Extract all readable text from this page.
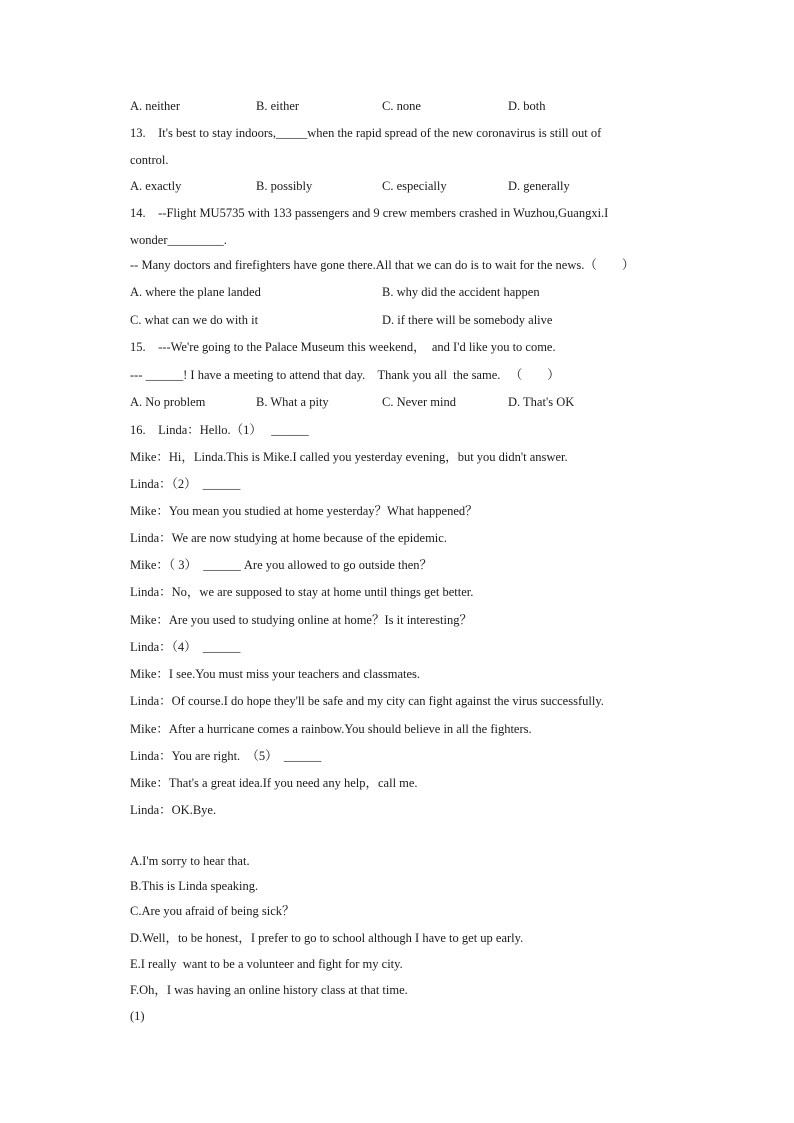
A. neither	B. either	C. none	D. both
13.    It's best to stay indoors,_____when the rapid spread of the new coronavirus is still out of
control.
A. exactly	B. possibly	C. especially	D. generally
14.    --Flight MU5735 with 133 passengers and 9 crew members crashed in Wuzhou,Guangxi.I
wonder_________.
-- Many doctors and firefighters have gone there.All that we can do is to wait for the news.（        ）
A. where the plane landed	B. why did the accident happen
C. what can we do with it	D. if there will be somebody alive
15.    ---We're going to the Palace Museum this weekend，  and I'd like you to come.
--- ______! I have a meeting to attend that day.    Thank you all  the same.   （        ）
A. No problem	B. What a pity	C. Never mind	D. That's OK
16.    Linda：Hello.（1）   ______
Mike：Hi，Linda.This is Mike.I called you yesterday evening，but you didn't answer.
Linda：（2）  ______
Mike：You mean you studied at home yesterday？What happened？
Linda：We are now studying at home because of the epidemic.
Mike：（ 3）  ______ Are you allowed to go outside then？
Linda：No，we are supposed to stay at home until things get better.
Mike：Are you used to studying online at home？Is it interesting？
Linda：（4）  ______
Mike：I see.You must miss your teachers and classmates.
Linda：Of course.I do hope they'll be safe and my city can fight against the virus successfully.
Mike：After a hurricane comes a rainbow.You should believe in all the fighters.
Linda：You are right.  （5）  ______
Mike：That's a great idea.If you need any help，call me.
Linda：OK.Bye.
A.I'm sorry to hear that.
B.This is Linda speaking.
C.Are you afraid of being sick？
D.Well，to be honest，I prefer to go to school although I have to get up early.
E.I really  want to be a volunteer and fight for my city.
F.Oh，I was having an online history class at that time.
(1)
